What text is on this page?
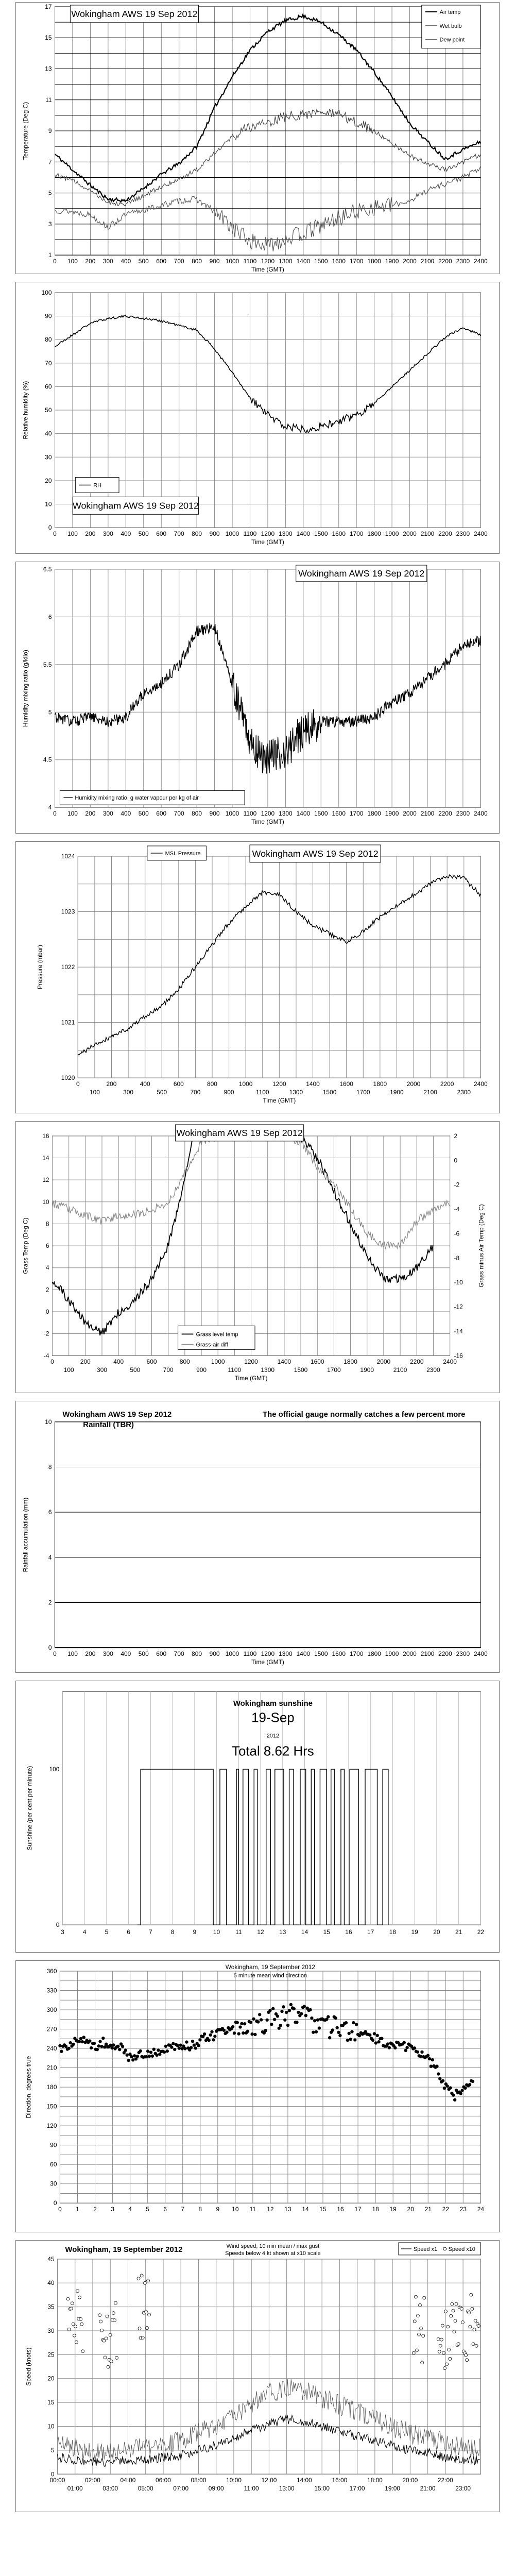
0 100 200 300 400 500 600 700 800 900 1000 1100 1200 1300 1400 1500 1600 1700 1800 1900 2000 2100 2200 2300 2400
1
3
5
7
9
11
13
15
17
Time (GMT)
Temperature (Deg C)
Wokingham AWS 19 Sep 2012	Air temp
Wet bulb
Dew point
0 100 200 300 400 500 600 700 800 900 1000 1100 1200 1300 1400 1500 1600 1700 1800 1900 2000 2100 2200 2300 2400
0
10
20
30
40
50
60
70
80
90
100
Time (GMT)
Relative humidity (%)
RH
Wokingham AWS 19 Sep 2012
0 100 200 300 400 500 600 700 800 900 1000 1100 1200 1300 1400 1500 1600 1700 1800 1900 2000 2100 2200 2300 2400
4
4.5
5
5.5
6
6.5
Time (GMT)
Humidity mixing ratio (g/kilo)
Wokingham AWS 19 Sep 2012
Humidity mixing ratio, g water vapour per kg of air
0	200	400	600	800	1000	1200	1400	1600	1800	2000	2200	2400
100	300	500	700	900	1100	1300	1500	1700	1900	2100	2300
1020
1021
1022
1023
1024
Time (GMT)
Pressure (mbar)
MSL Pressure	Wokingham AWS 19 Sep 2012
0	200	400	600	800	1000	1200	1400	1600	1800	2000	2200	2400
100	300	500	700	900	1100	1300	1500	1700	1900	2100	2300
-4
-2
0
2
4
6
8
10
12
14
16
-16
-14
-12
-10
-8
-6
-4
-2
0
2
Time (GMT)
Grass Temp (Deg C)	Grass minus Air Temp (Deg C)
Wokingham AWS 19 Sep 2012
Grass level temp
Grass-air diff
0 100 200 300 400 500 600 700 800 900 1000 1100 1200 1300 1400 1500 1600 1700 1800 1900 2000 2100 2200 2300 2400
0
2
4
6
8
10
Time (GMT)
Rainfall accumulation (mm)
Wokingham AWS 19 Sep 2012
Rainfall (TBR)
The official gauge normally catches a few percent more
3	4	5	6	7	8	9	10 11 12 13 14 15 16 17 18 19 20 21 22
0
100
Sunshine (per cent per minute)
Wokingham sunshine
19-Sep
2012
Total 8.62 Hrs
0 1 2 3 4 5 6 7 8 9 10 11 12 13 14 15 16 17 18 19 20 21 22 23 24
0
30
60
90
120
150
180
210
240
270
300
330
360
Direction, degrees true
Wokingham, 19 September 2012
5 minute mean wind direction
00:00	02:00	04:00	06:00	08:00	10:00	12:00	14:00	16:00	18:00	20:00	22:00
01:00	03:00	05:00	07:00	09:00	11:00	13:00	15:00	17:00	19:00	21:00	23:00
0
5
10
15
20
25
30
35
40
45
Speed (knots)
Wokingham, 19 September 2012	Wind speed, 10 min mean / max gust
Speeds below 4 kt shown at x10 scale
Speed x1 Speed x10
